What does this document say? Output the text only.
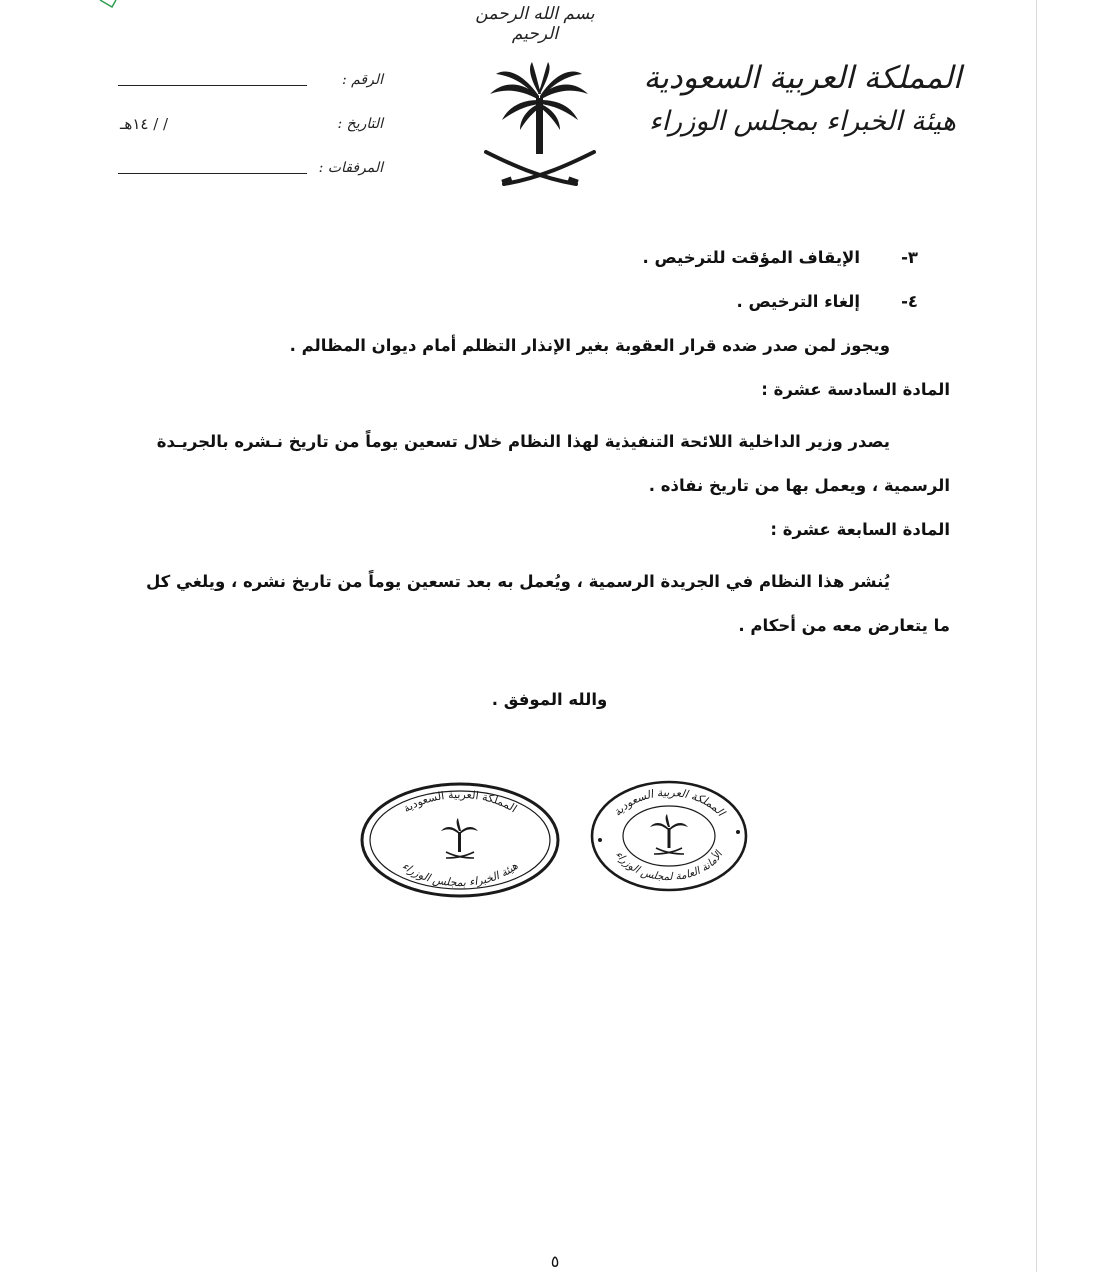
بسم الله الرحمن الرحيم
المملكة العربية السعودية
هيئة الخبراء بمجلس الوزراء
الرقم :
التاريخ :
/ / ١٤هـ
المرفقات :
٣-
الإيقاف المؤقت للترخيص .
٤-
إلغاء الترخيص .
ويجوز لمن صدر ضده قرار العقوبة بغير الإنذار التظلم أمام ديوان المظالم .
المادة السادسة عشرة :
يصدر وزير الداخلية اللائحة التنفيذية لهذا النظام خلال تسعين يوماً من تاريخ نـشره بالجريـدة
الرسمية ، ويعمل بها من تاريخ نفاذه .
المادة السابعة عشرة :
يُنشر هذا النظام في الجريدة الرسمية ، ويُعمل به بعد تسعين يوماً من تاريخ نشره ، ويلغي كل
ما يتعارض معه من أحكام .
والله الموفق .
المملكة العربية السعودية
هيئة الخبراء بمجلس الوزراء
المملكة العربية السعودية
الأمانة العامة لمجلس الوزراء
٥
